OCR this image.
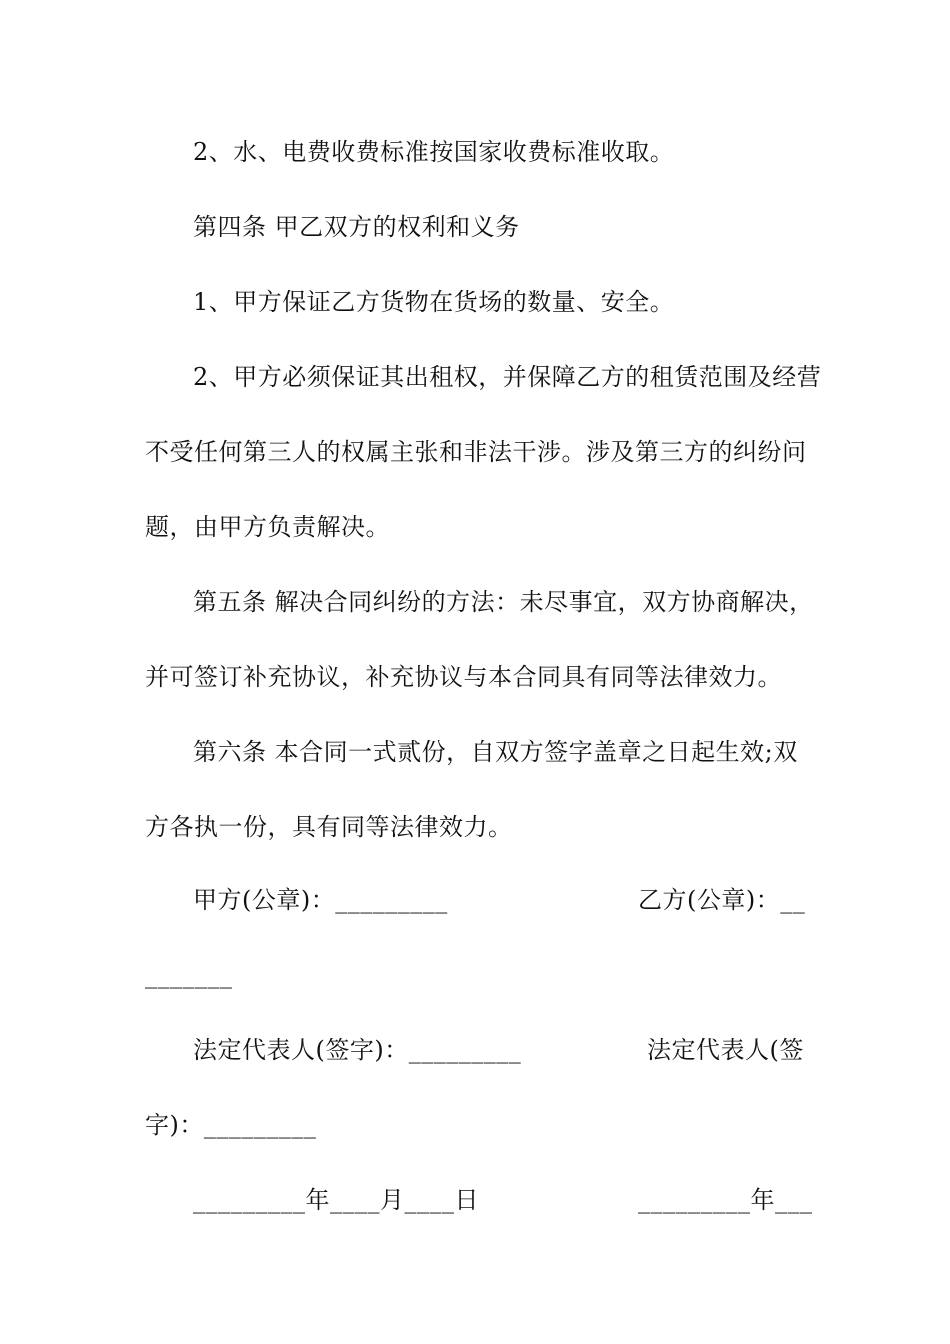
2、水、电费收费标准按国家收费标准收取。
第四条 甲乙双方的权利和义务
1、甲方保证乙方货物在货场的数量、安全。
2、甲方必须保证其出租权，并保障乙方的租赁范围及经营
不受任何第三人的权属主张和非法干涉。涉及第三方的纠纷问
题，由甲方负责解决。
第五条 解决合同纠纷的方法：未尽事宜，双方协商解决，
并可签订补充协议，补充协议与本合同具有同等法律效力。
第六条 本合同一式贰份，自双方签字盖章之日起生效;双
方各执一份，具有同等法律效力。
甲方(公章)：_________	乙方(公章)：__
_______
法定代表人(签字)：_________	法定代表人(签
字)：_________
_________年____月____日	_________年___
